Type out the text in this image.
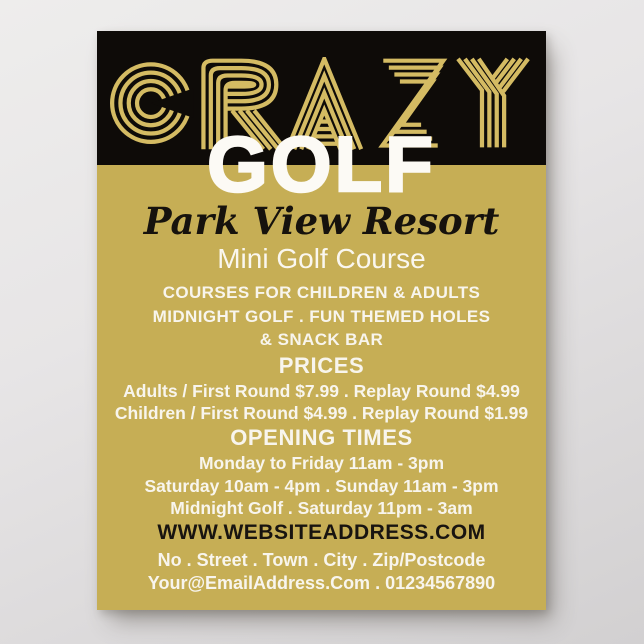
GOLF
Park View Resort
Mini Golf Course
COURSES FOR CHILDREN & ADULTS
MIDNIGHT GOLF . FUN THEMED HOLES
& SNACK BAR
PRICES
Adults / First Round $7.99 . Replay Round $4.99
Children / First Round $4.99 . Replay Round $1.99
OPENING TIMES
Monday to Friday 11am - 3pm
Saturday 10am - 4pm . Sunday 11am - 3pm
Midnight Golf . Saturday 11pm - 3am
WWW.WEBSITEADDRESS.COM
No . Street . Town . City . Zip/Postcode
Your@EmailAddress.Com . 01234567890
